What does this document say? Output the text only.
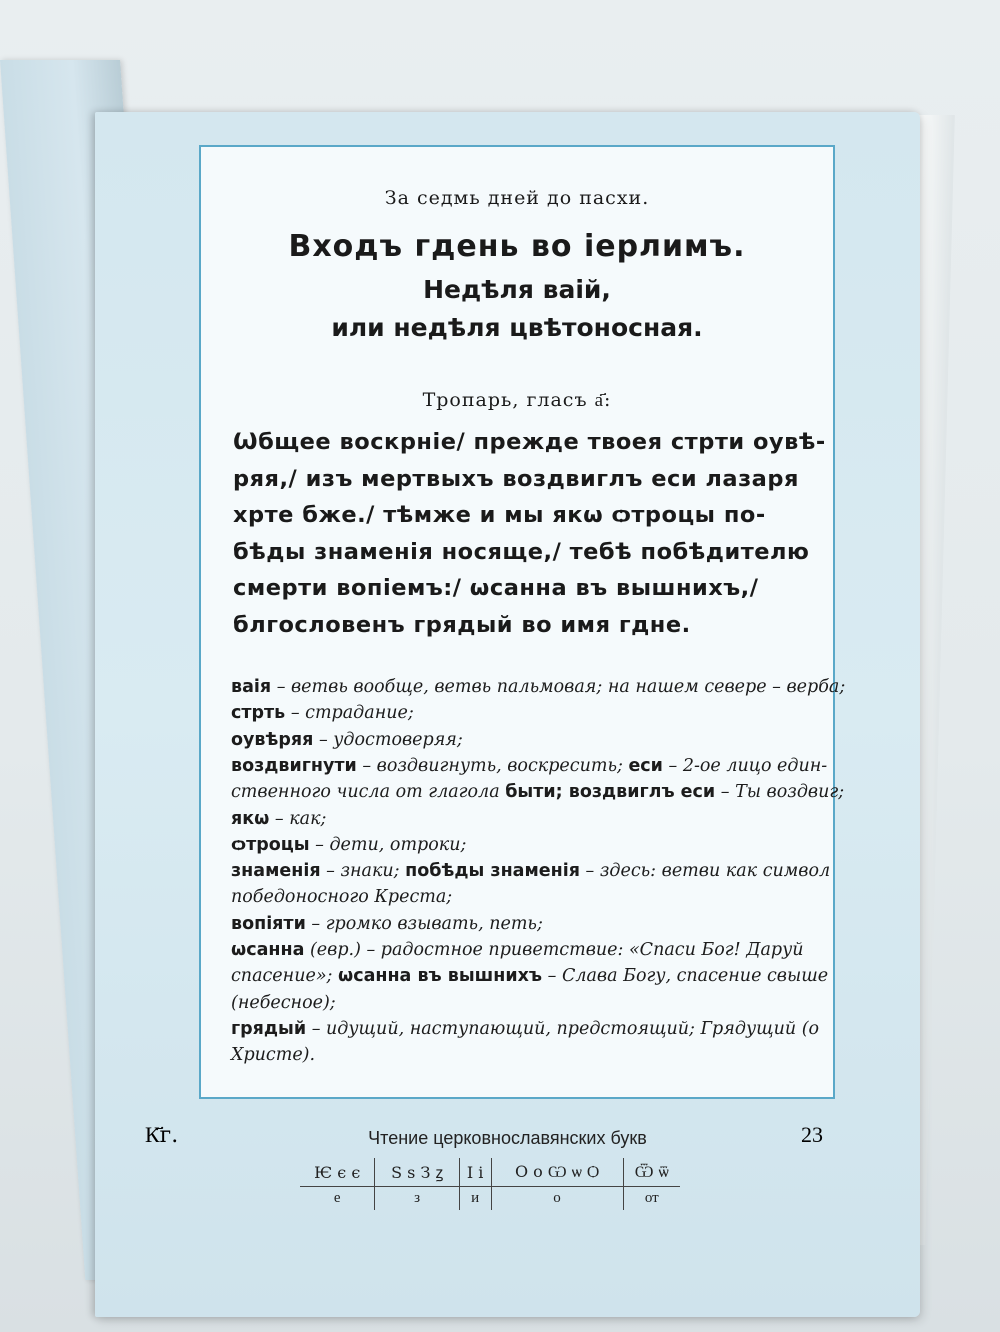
За седмь дней до пасхи.
Входъ гдень во іерлимъ.
Недѣля ваій,
или недѣля цвѣтоносная.
Тропарь, гласъ а҃:
Ѡбщее воскрніе/ прежде твоея стрти оувѣ-
ряя,/ изъ мертвыхъ воздвиглъ еси лазаря
хрте бже./ тѣмже и мы якѡ ѻтроцы по-
бѣды знаменія носяще,/ тебѣ побѣдителю
смерти вопіемъ:/ ѡсанна въ вышнихъ,/
блгословенъ грядый во имя гдне.
ваія – ветвь вообще, ветвь пальмовая; на нашем севере – верба;
стрть – страдание;
оувѣряя – удостоверяя;
воздвигнути – воздвигнуть, воскресить; еси – 2-ое лицо един-
ственного числа от глагола быти; воздвиглъ еси – Ты воздвиг;
якѡ – как;
ѻтроцы – дети, отроки;
знаменія – знаки; побѣды знаменія – здесь: ветви как символ
победоносного Креста;
вопіяти – громко взывать, петь;
ѡсанна (евр.) – радостное приветствие: «Спаси Бог! Даруй
спасение»; ѡсанна въ вышнихъ – Слава Богу, спасение свыше
(небесное);
грядый – идущий, наступающий, предстоящий; Грядущий (о
Христе).
К҃г.	Чтение церковнославянских букв	23
Ѥ є є	Ѕ ѕ З ꙁ	І і	О о Ѡ ѡ Ѻ	Ѿ ѿ
е	з	и	о	от
